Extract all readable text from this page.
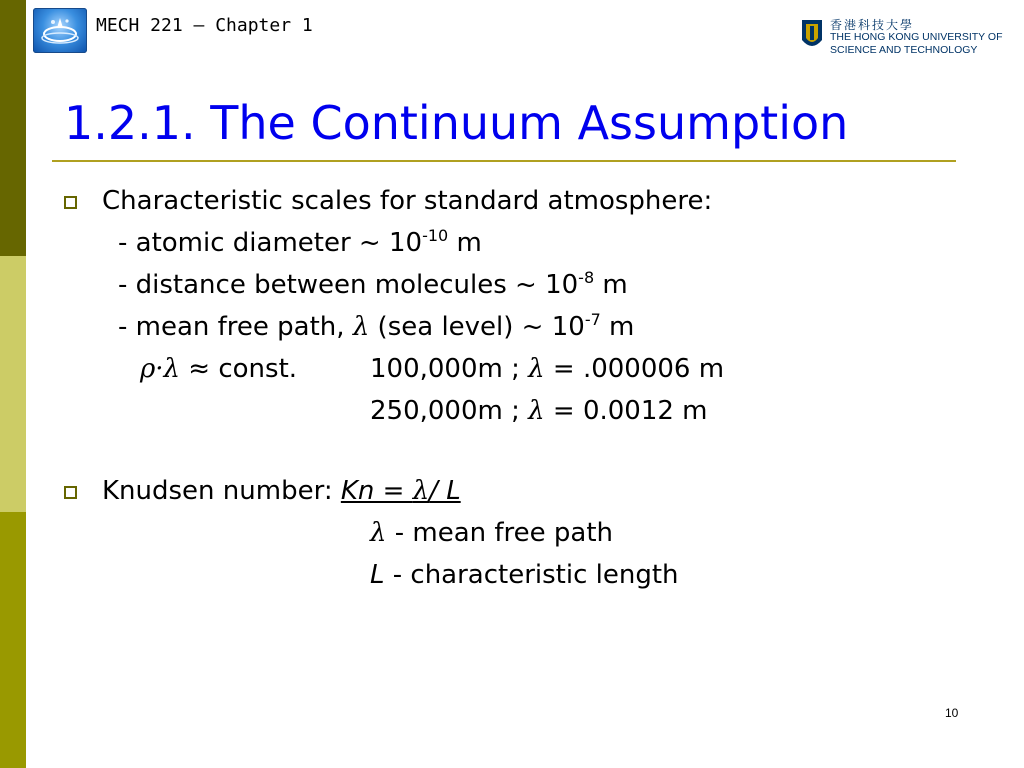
MECH 221 – Chapter 1	香港科技大學
THE HONG KONG UNIVERSITY OF
SCIENCE AND TECHNOLOGY
1.2.1. The Continuum Assumption
Characteristic scales for standard atmosphere:
- atomic diameter ~ $10^{-10}$ m
- distance between molecules ~ $10^{-8}$ m
- mean free path, λ (sea level) ~ $10^{-7}$ m
ρ·λ ≈ const.	100,000m ; λ = .000006 m
250,000m ; λ = 0.0012 m
Knudsen number: Kn = λ/ L
λ - mean free path
L - characteristic length
10
